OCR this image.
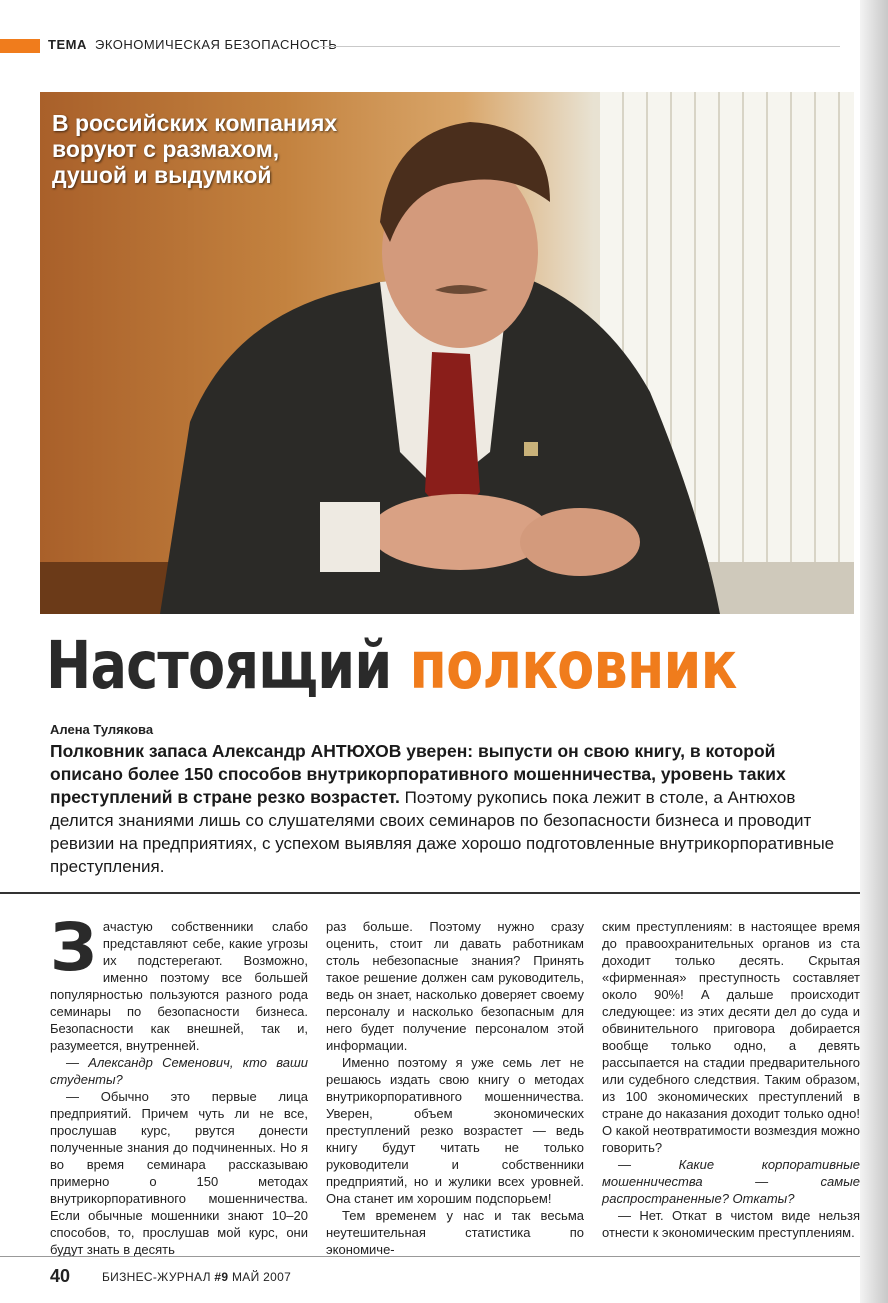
ТЕМА ЭКОНОМИЧЕСКАЯ БЕЗОПАСНОСТЬ
В российских компаниях
воруют с размахом,
душой и выдумкой
Настоящий полковник
Алена Тулякова
Полковник запаса Александр АНТЮХОВ уверен: выпусти он свою книгу, в которой описано более 150 способов внутрикорпоративного мошенничества, уровень таких преступлений в стране резко возрастет. Поэтому рукопись пока лежит в столе, а Антюхов делится знаниями лишь со слушателями своих семинаров по безопасности бизнеса и проводит ревизии на предприятиях, с успехом выявляя даже хорошо подготовленные внутрикорпоративные преступления.
З ачастую собственники слабо представляют себе, какие угрозы их подстерегают. Возможно, именно поэтому все большей популярностью пользуются разного рода семинары по безопасности бизнеса. Безопасности как внешней, так и, разумеется, внутренней.

— Александр Семенович, кто ваши студенты?

— Обычно это первые лица предприятий. Причем чуть ли не все, прослушав курс, рвутся донести полученные знания до подчиненных. Но я во время семинара рассказываю примерно о 150 методах внутрикорпоративного мошенничества. Если обычные мошенники знают 10–20 способов, то, прослушав мой курс, они будут знать в десять

раз больше. Поэтому нужно сразу оценить, стоит ли давать работникам столь небезопасные знания? Принять такое решение должен сам руководитель, ведь он знает, насколько доверяет своему персоналу и насколько безопасным для него будет получение персоналом этой информации.

Именно поэтому я уже семь лет не решаюсь издать свою книгу о методах внутрикорпоративного мошенничества. Уверен, объем экономических преступлений резко возрастет — ведь книгу будут читать не только руководители и собственники предприятий, но и жулики всех уровней. Она станет им хорошим подспорьем!

Тем временем у нас и так весьма неутешительная статистика по экономиче-

ским преступлениям: в настоящее время до правоохранительных органов из ста доходит только десять. Скрытая «фирменная» преступность составляет около 90%! А дальше происходит следующее: из этих десяти дел до суда и обвинительного приговора добирается вообще только одно, а девять рассыпается на стадии предварительного или судебного следствия. Таким образом, из 100 экономических преступлений в стране до наказания доходит только одно! О какой неотвратимости возмездия можно говорить?

— Какие корпоративные мошенничества — самые распространенные? Откаты?

— Нет. Откат в чистом виде нельзя отнести к экономическим преступлениям.

40	БИЗНЕС-ЖУРНАЛ #9 МАЙ 2007
